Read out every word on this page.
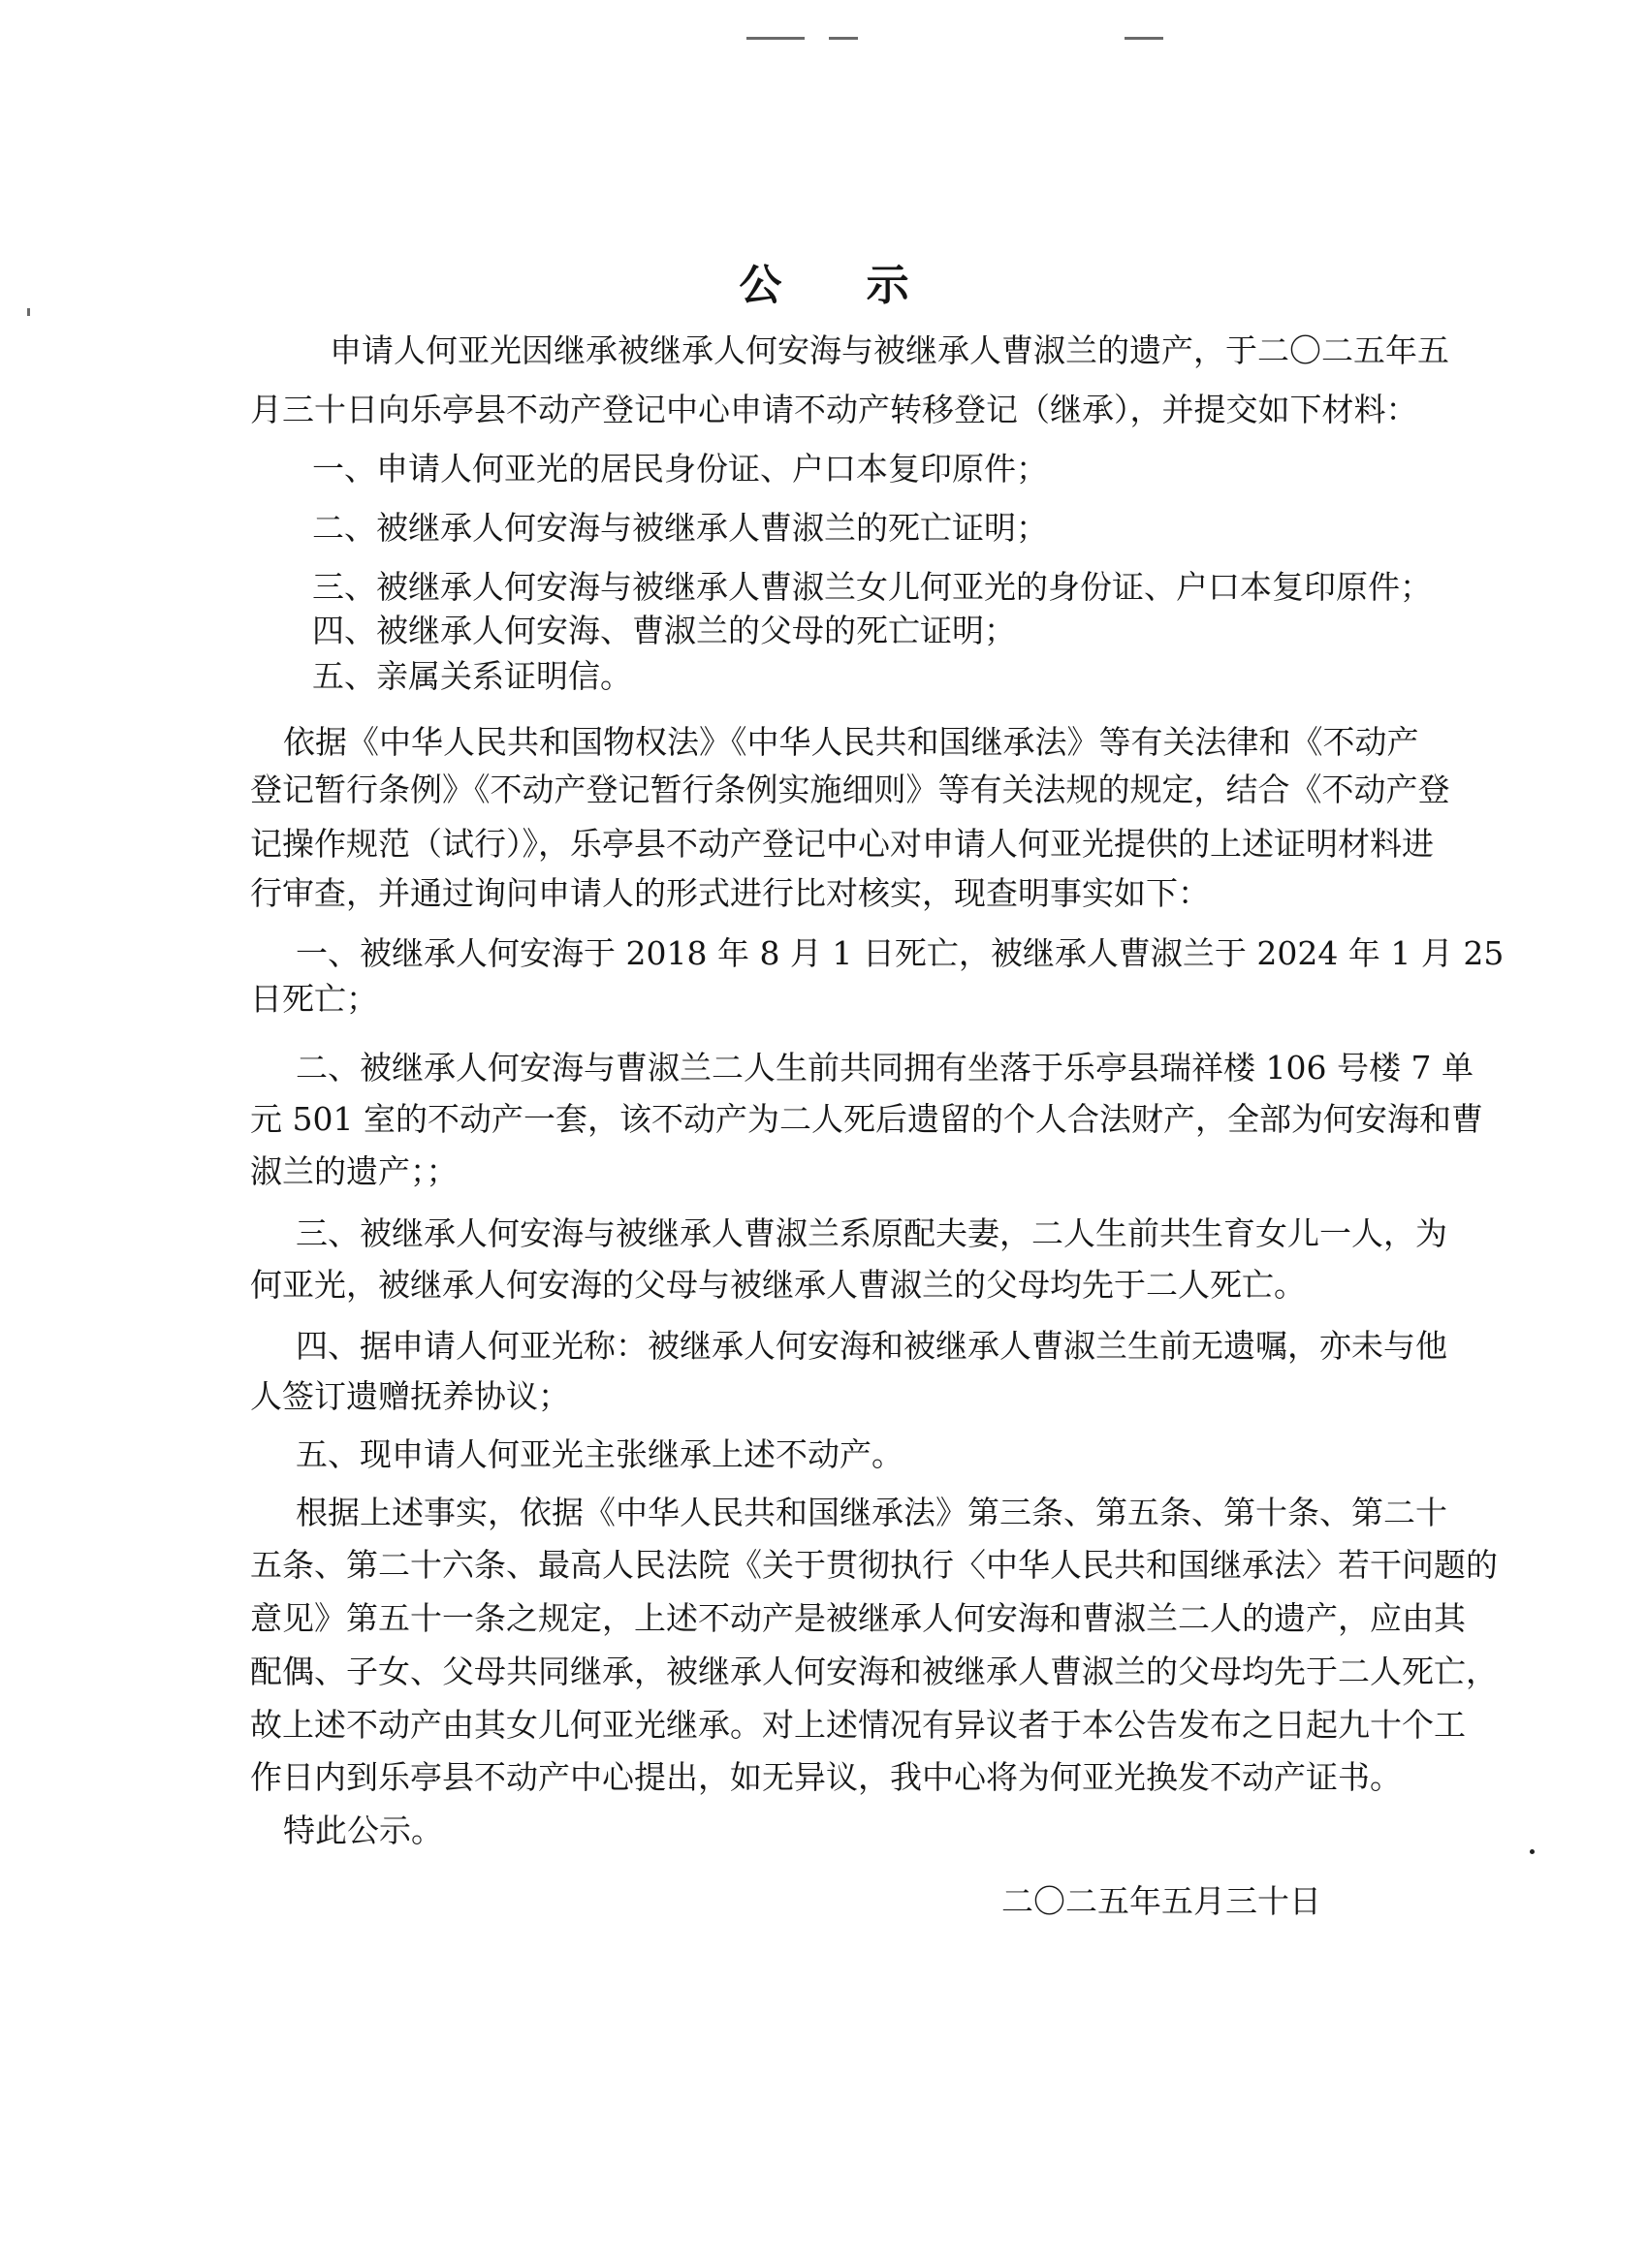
公 示
申请人何亚光因继承被继承人何安海与被继承人曹淑兰的遗产，于二〇二五年五
月三十日向乐亭县不动产登记中心申请不动产转移登记（继承），并提交如下材料：
一、申请人何亚光的居民身份证、户口本复印原件；
二、被继承人何安海与被继承人曹淑兰的死亡证明；
三、被继承人何安海与被继承人曹淑兰女儿何亚光的身份证、户口本复印原件；
四、被继承人何安海、曹淑兰的父母的死亡证明；
五、亲属关系证明信。
依据《中华人民共和国物权法》《中华人民共和国继承法》等有关法律和《不动产
登记暂行条例》《不动产登记暂行条例实施细则》等有关法规的规定，结合《不动产登
记操作规范（试行）》，乐亭县不动产登记中心对申请人何亚光提供的上述证明材料进
行审查，并通过询问申请人的形式进行比对核实，现查明事实如下：
一、被继承人何安海于 2018 年 8 月 1 日死亡，被继承人曹淑兰于 2024 年 1 月 25
日死亡；
二、被继承人何安海与曹淑兰二人生前共同拥有坐落于乐亭县瑞祥楼 106 号楼 7 单
元 501 室的不动产一套，该不动产为二人死后遗留的个人合法财产，全部为何安海和曹
淑兰的遗产；；
三、被继承人何安海与被继承人曹淑兰系原配夫妻，二人生前共生育女儿一人，为
何亚光，被继承人何安海的父母与被继承人曹淑兰的父母均先于二人死亡。
四、据申请人何亚光称：被继承人何安海和被继承人曹淑兰生前无遗嘱，亦未与他
人签订遗赠抚养协议；
五、现申请人何亚光主张继承上述不动产。
根据上述事实，依据《中华人民共和国继承法》第三条、第五条、第十条、第二十
五条、第二十六条、最高人民法院《关于贯彻执行〈中华人民共和国继承法〉若干问题的
意见》第五十一条之规定，上述不动产是被继承人何安海和曹淑兰二人的遗产，应由其
配偶、子女、父母共同继承，被继承人何安海和被继承人曹淑兰的父母均先于二人死亡，
故上述不动产由其女儿何亚光继承。对上述情况有异议者于本公告发布之日起九十个工
作日内到乐亭县不动产中心提出，如无异议，我中心将为何亚光换发不动产证书。
特此公示。
二〇二五年五月三十日
